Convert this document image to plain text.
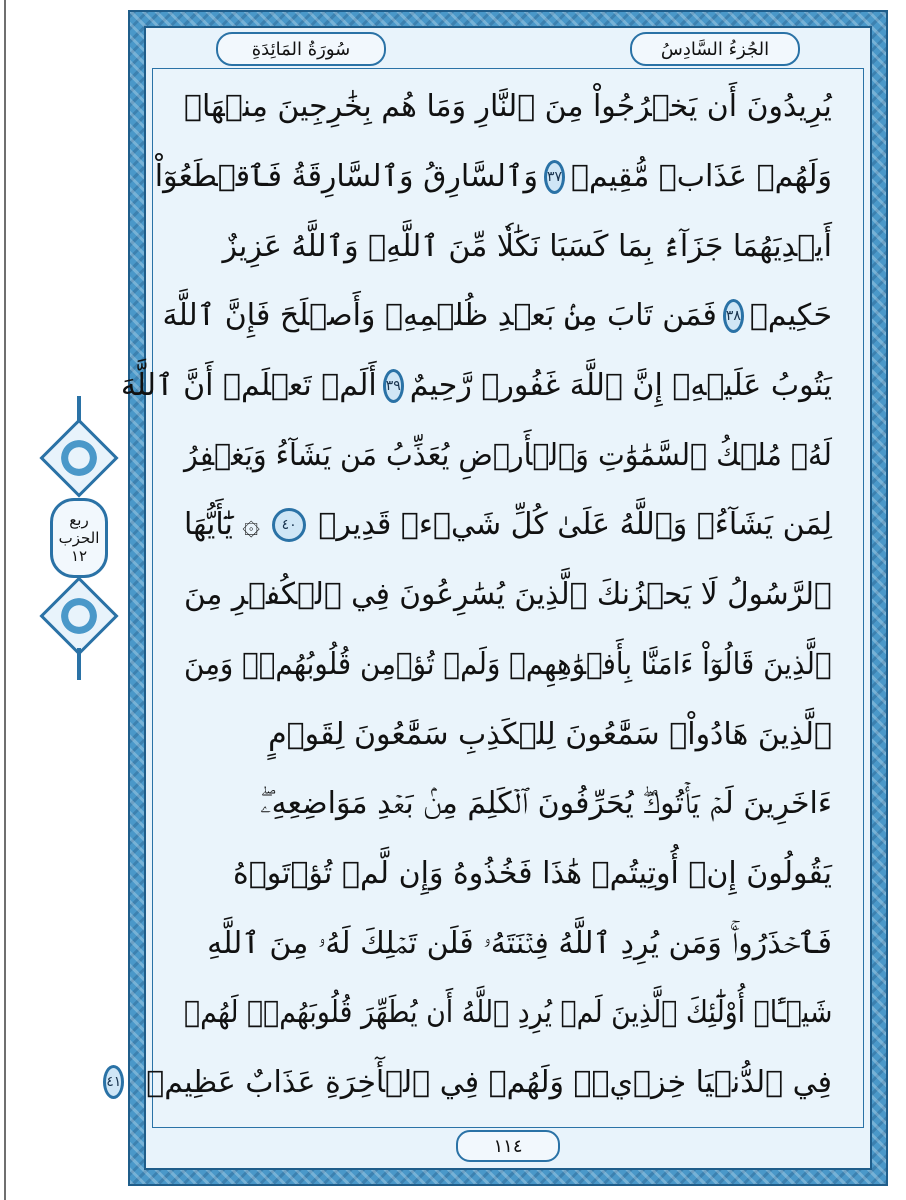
ربع
الحزب
١٢
سُورَةُ المَائِدَةِ	الجُزءُ السَّادِسُ
يُرِيدُونَ أَن يَخۡرُجُواْ مِنَ ٱلنَّارِ وَمَا هُم بِخَٰرِجِينَ مِنۡهَاۖ
وَلَهُمۡ عَذَابٞ مُّقِيمٞ
٣٧
وَٱلسَّارِقُ وَٱلسَّارِقَةُ فَٱقۡطَعُوٓاْ
أَيۡدِيَهُمَا جَزَآءَۢ بِمَا كَسَبَا نَكَٰلٗا مِّنَ ٱللَّهِۗ وَٱللَّهُ عَزِيزٌ
حَكِيمٞ
٣٨
فَمَن تَابَ مِنۢ بَعۡدِ ظُلۡمِهِۦ وَأَصۡلَحَ فَإِنَّ ٱللَّهَ
يَتُوبُ عَلَيۡهِۚ إِنَّ ٱللَّهَ غَفُورٞ رَّحِيمٌ
٣٩
أَلَمۡ تَعۡلَمۡ أَنَّ ٱللَّهَ
لَهُۥ مُلۡكُ ٱلسَّمَٰوَٰتِ وَٱلۡأَرۡضِ يُعَذِّبُ مَن يَشَآءُ وَيَغۡفِرُ
لِمَن يَشَآءُۗ وَٱللَّهُ عَلَىٰ كُلِّ شَيۡءٖ قَدِيرٞ
٤٠
۞ يَٰٓأَيُّهَا
ٱلرَّسُولُ لَا يَحۡزُنكَ ٱلَّذِينَ يُسَٰرِعُونَ فِي ٱلۡكُفۡرِ مِنَ
ٱلَّذِينَ قَالُوٓاْ ءَامَنَّا بِأَفۡوَٰهِهِمۡ وَلَمۡ تُؤۡمِن قُلُوبُهُمۡۛ وَمِنَ
ٱلَّذِينَ هَادُواْۛ سَمَّٰعُونَ لِلۡكَذِبِ سَمَّٰعُونَ لِقَوۡمٍ
ءَاخَرِينَ لَمۡ يَأۡتُوكَۖ يُحَرِّفُونَ ٱلۡكَلِمَ مِنۢ بَعۡدِ مَوَاضِعِهِۦۖ
يَقُولُونَ إِنۡ أُوتِيتُمۡ هَٰذَا فَخُذُوهُ وَإِن لَّمۡ تُؤۡتَوۡهُ
فَٱحۡذَرُواْۚ وَمَن يُرِدِ ٱللَّهُ فِتۡنَتَهُۥ فَلَن تَمۡلِكَ لَهُۥ مِنَ ٱللَّهِ
شَيۡـًٔاۚ أُوْلَٰٓئِكَ ٱلَّذِينَ لَمۡ يُرِدِ ٱللَّهُ أَن يُطَهِّرَ قُلُوبَهُمۡۚ لَهُمۡ
فِي ٱلدُّنۡيَا خِزۡيٞۖ وَلَهُمۡ فِي ٱلۡأٓخِرَةِ عَذَابٌ عَظِيمٞ
٤١
١١٤
